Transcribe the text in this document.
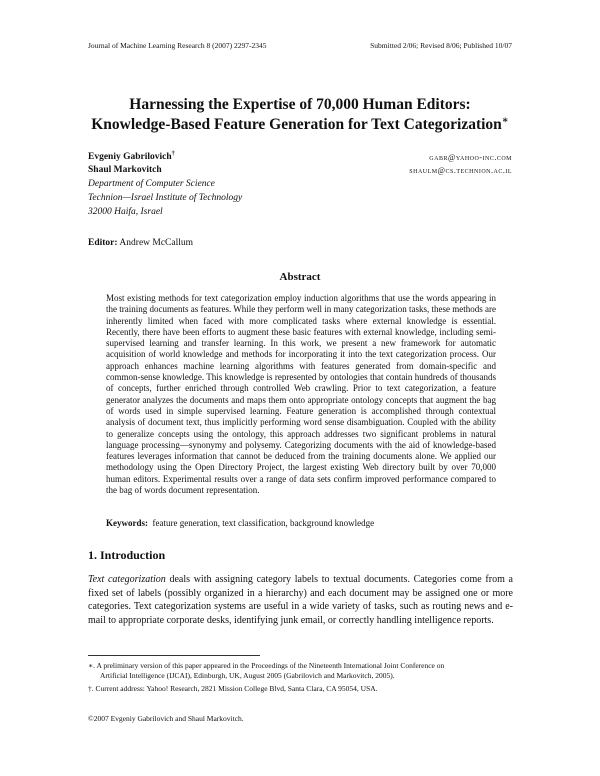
Journal of Machine Learning Research 8 (2007) 2297-2345	Submitted 2/06; Revised 8/06; Published 10/07
Harnessing the Expertise of 70,000 Human Editors:
Knowledge-Based Feature Generation for Text Categorization∗
Evgeniy Gabrilovich†	gabr@yahoo-inc.com
Shaul Markovitch	shaulm@cs.technion.ac.il
Department of Computer Science
Technion—Israel Institute of Technology
32000 Haifa, Israel
Editor: Andrew McCallum
Abstract
Most existing methods for text categorization employ induction algorithms that use the words appearing in the training documents as features. While they perform well in many categorization tasks, these methods are inherently limited when faced with more complicated tasks where external knowledge is essential. Recently, there have been efforts to augment these basic features with external knowledge, including semi-supervised learning and transfer learning. In this work, we present a new framework for automatic acquisition of world knowledge and methods for incorporating it into the text categorization process. Our approach enhances machine learning algorithms with features generated from domain-specific and common-sense knowledge. This knowledge is represented by ontologies that contain hundreds of thousands of concepts, further enriched through controlled Web crawling. Prior to text categorization, a feature generator analyzes the documents and maps them onto appropriate ontology concepts that augment the bag of words used in simple supervised learning. Feature generation is accomplished through contextual analysis of document text, thus implicitly performing word sense disambiguation. Coupled with the ability to generalize concepts using the ontology, this approach addresses two significant problems in natural language processing—synonymy and polysemy. Categorizing documents with the aid of knowledge-based features leverages information that cannot be deduced from the training documents alone. We applied our methodology using the Open Directory Project, the largest existing Web directory built by over 70,000 human editors. Experimental results over a range of data sets confirm improved performance compared to the bag of words document representation.
Keywords: feature generation, text classification, background knowledge
1. Introduction
Text categorization deals with assigning category labels to textual documents. Categories come from a fixed set of labels (possibly organized in a hierarchy) and each document may be assigned one or more categories. Text categorization systems are useful in a wide variety of tasks, such as routing news and e-mail to appropriate corporate desks, identifying junk email, or correctly handling intelligence reports.
∗. A preliminary version of this paper appeared in the Proceedings of the Nineteenth International Joint Conference on
Artificial Intelligence (IJCAI), Edinburgh, UK, August 2005 (Gabrilovich and Markovitch, 2005).
†. Current address: Yahoo! Research, 2821 Mission College Blvd, Santa Clara, CA 95054, USA.
©2007 Evgeniy Gabrilovich and Shaul Markovitch.
